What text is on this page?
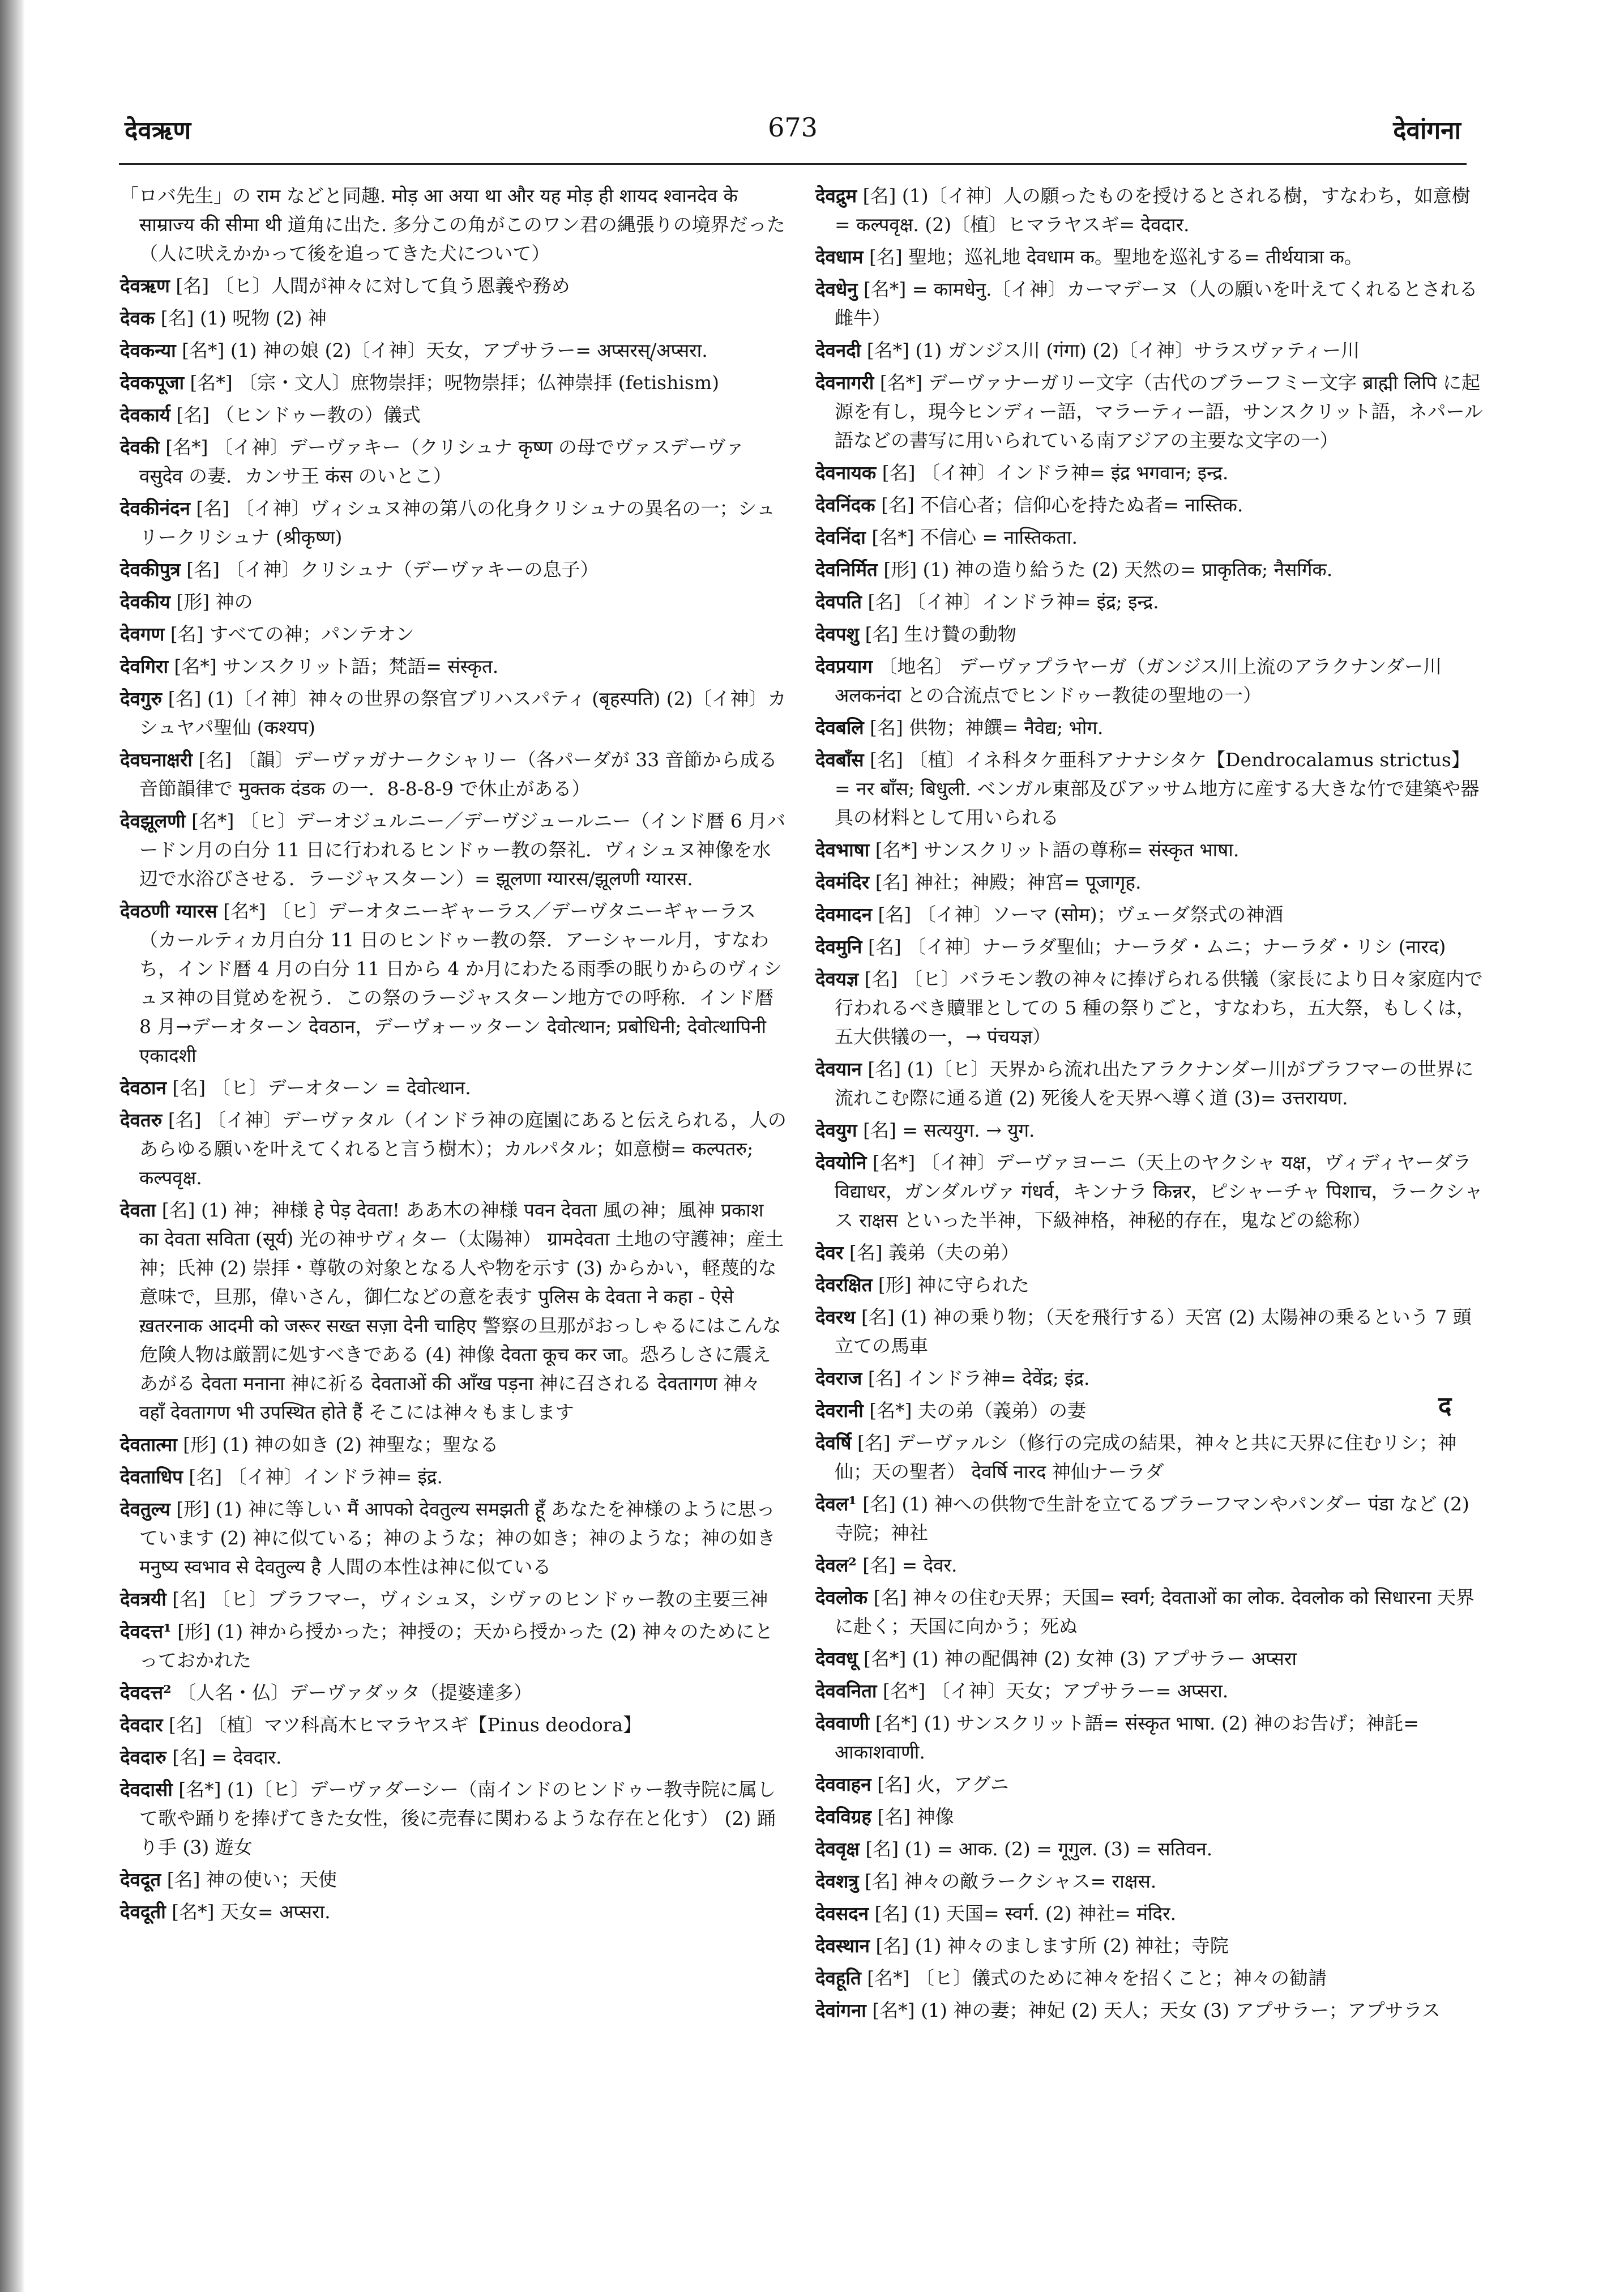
देवऋण	673	देवांगना

「ロバ先生」の राम などと同趣. मोड़ आ अया था और यह मोड़ ही शायद श्वानदेव के साम्राज्य की सीमा थी 道角に出た. 多分この角がこのワン君の縄張りの境界だった（人に吠えかかって後を追ってきた犬について）

देवऋण [名] 〔ヒ〕人間が神々に対して負う恩義や務め

देवक [名] (1) 呪物 (2) 神

देवकन्या [名*] (1) 神の娘 (2)〔イ神〕天女，アプサラー= अप्सरस्/अप्सरा.

देवकपूजा [名*] 〔宗・文人〕庶物崇拝；呪物崇拝；仏神崇拝 (fetishism)

देवकार्य [名] （ヒンドゥー教の）儀式

देवकी [名*] 〔イ神〕デーヴァキー（クリシュナ कृष्ण の母でヴァスデーヴァ वसुदेव の妻．カンサ王 कंस のいとこ）

देवकीनंदन [名] 〔イ神〕ヴィシュヌ神の第八の化身クリシュナの異名の一；シュリークリシュナ (श्रीकृष्ण)

देवकीपुत्र [名] 〔イ神〕クリシュナ（デーヴァキーの息子）

देवकीय [形] 神の

देवगण [名] すべての神；パンテオン

देवगिरा [名*] サンスクリット語；梵語= संस्कृत.

देवगुरु [名] (1)〔イ神〕神々の世界の祭官ブリハスパティ (बृहस्पति) (2)〔イ神〕カシュヤパ聖仙 (कश्यप)

देवघनाक्षरी [名] 〔韻〕デーヴァガナークシャリー（各パーダが 33 音節から成る音節韻律で मुक्तक दंडक の一．8-8-8-9 で休止がある）

देवझूलणी [名*] 〔ヒ〕デーオジュルニー／デーヴジュールニー（インド暦 6 月バードン月の白分 11 日に行われるヒンドゥー教の祭礼．ヴィシュヌ神像を水辺で水浴びさせる．ラージャスターン）= झूलणा ग्यारस/झूलणी ग्यारस.

देवठणी ग्यारस [名*] 〔ヒ〕デーオタニーギャーラス／デーヴタニーギャーラス（カールティカ月白分 11 日のヒンドゥー教の祭．アーシャール月，すなわち，インド暦 4 月の白分 11 日から 4 か月にわたる雨季の眠りからのヴィシュヌ神の目覚めを祝う．この祭のラージャスターン地方での呼称．インド暦 8 月→デーオターン देवठान，デーヴォーッターン देवोत्थान; प्रबोधिनी; देवोत्थापिनी एकादशी

देवठान [名] 〔ヒ〕デーオターン = देवोत्थान.

देवतरु [名] 〔イ神〕デーヴァタル（インドラ神の庭園にあると伝えられる，人のあらゆる願いを叶えてくれると言う樹木）；カルパタル；如意樹= कल्पतरु; कल्पवृक्ष.

देवता [名] (1) 神；神様 हे पेड़ देवता! ああ木の神様 पवन देवता 風の神；風神 प्रकाश का देवता सविता (सूर्य) 光の神サヴィター（太陽神） ग्रामदेवता 土地の守護神；産土神；氏神 (2) 崇拝・尊敬の対象となる人や物を示す (3) からかい，軽蔑的な意味で，旦那，偉いさん，御仁などの意を表す पुलिस के देवता ने कहा - ऐसे ख़तरनाक आदमी को जरूर सख्त सज़ा देनी चाहिए 警察の旦那がおっしゃるにはこんな危険人物は厳罰に処すべきである (4) 神像 देवता कूच कर जा。恐ろしさに震えあがる देवता मनाना 神に祈る देवताओं की आँख पड़ना 神に召される देवतागण 神々 वहाँ देवतागण भी उपस्थित होते हैं そこには神々もまします

देवतात्मा [形] (1) 神の如き (2) 神聖な；聖なる

देवताधिप [名] 〔イ神〕インドラ神= इंद्र.

देवतुल्य [形] (1) 神に等しい मैं आपको देवतुल्य समझती हूँ あなたを神様のように思っています (2) 神に似ている；神のような；神の如き；神のような；神の如き मनुष्य स्वभाव से देवतुल्य है 人間の本性は神に似ている

देवत्रयी [名] 〔ヒ〕ブラフマー，ヴィシュヌ，シヴァのヒンドゥー教の主要三神

देवदत्त¹ [形] (1) 神から授かった；神授の；天から授かった (2) 神々のためにとっておかれた

देवदत्त² 〔人名・仏〕デーヴァダッタ（提婆達多）

देवदार [名] 〔植〕マツ科高木ヒマラヤスギ【Pinus deodora】

देवदारु [名] = देवदार.

देवदासी [名*] (1)〔ヒ〕デーヴァダーシー（南インドのヒンドゥー教寺院に属して歌や踊りを捧げてきた女性，後に売春に関わるような存在と化す） (2) 踊り手 (3) 遊女

देवदूत [名] 神の使い；天使

देवदूती [名*] 天女= अप्सरा.

देवद्रुम [名] (1)〔イ神〕人の願ったものを授けるとされる樹，すなわち，如意樹= कल्पवृक्ष. (2)〔植〕ヒマラヤスギ= देवदार.

देवधाम [名] 聖地；巡礼地 देवधाम क。聖地を巡礼する= तीर्थयात्रा क。

देवधेनु [名*] = कामधेनु.〔イ神〕カーマデーヌ（人の願いを叶えてくれるとされる雌牛）

देवनदी [名*] (1) ガンジス川 (गंगा) (2)〔イ神〕サラスヴァティー川

देवनागरी [名*] デーヴァナーガリー文字（古代のブラーフミー文字 ब्राह्मी लिपि に起源を有し，現今ヒンディー語，マラーティー語，サンスクリット語，ネパール語などの書写に用いられている南アジアの主要な文字の一）

देवनायक [名] 〔イ神〕インドラ神= इंद्र भगवान; इन्द्र.

देवनिंदक [名] 不信心者；信仰心を持たぬ者= नास्तिक.

देवनिंदा [名*] 不信心 = नास्तिकता.

देवनिर्मित [形] (1) 神の造り給うた (2) 天然の= प्राकृतिक; नैसर्गिक.

देवपति [名] 〔イ神〕インドラ神= इंद्र; इन्द्र.

देवपशु [名] 生け贄の動物

देवप्रयाग 〔地名〕 デーヴァプラヤーガ（ガンジス川上流のアラクナンダー川 अलकनंदा との合流点でヒンドゥー教徒の聖地の一）

देवबलि [名] 供物；神饌= नैवेद्य; भोग.

देवबाँस [名] 〔植〕イネ科タケ亜科アナナシタケ【Dendrocalamus strictus】= नर बाँस; बिधुली. ベンガル東部及びアッサム地方に産する大きな竹で建築や器具の材料として用いられる

देवभाषा [名*] サンスクリット語の尊称= संस्कृत भाषा.

देवमंदिर [名] 神社；神殿；神宮= पूजागृह.

देवमादन [名] 〔イ神〕ソーマ (सोम)；ヴェーダ祭式の神酒

देवमुनि [名] 〔イ神〕ナーラダ聖仙；ナーラダ・ムニ；ナーラダ・リシ (नारद)

देवयज्ञ [名] 〔ヒ〕バラモン教の神々に捧げられる供犠（家長により日々家庭内で行われるべき贖罪としての 5 種の祭りごと，すなわち，五大祭，もしくは，五大供犠の一，→ पंचयज्ञ）

देवयान [名] (1)〔ヒ〕天界から流れ出たアラクナンダー川がブラフマーの世界に流れこむ際に通る道 (2) 死後人を天界へ導く道 (3)= उत्तरायण.

देवयुग [名] = सत्ययुग. → युग.

देवयोनि [名*] 〔イ神〕デーヴァヨーニ（天上のヤクシャ यक्ष，ヴィディヤーダラ विद्याधर，ガンダルヴァ गंधर्व，キンナラ किन्नर，ピシャーチャ पिशाच，ラークシャス राक्षस といった半神，下級神格，神秘的存在，鬼などの総称）

देवर [名] 義弟（夫の弟）

देवरक्षित [形] 神に守られた

देवरथ [名] (1) 神の乗り物；（天を飛行する）天宮 (2) 太陽神の乗るという 7 頭立ての馬車

देवराज [名] インドラ神= देवेंद्र; इंद्र.

देवरानी [名*] 夫の弟（義弟）の妻

देवर्षि [名] デーヴァルシ（修行の完成の結果，神々と共に天界に住むリシ；神仙；天の聖者） देवर्षि नारद 神仙ナーラダ

देवल¹ [名] (1) 神への供物で生計を立てるブラーフマンやパンダー पंडा など (2) 寺院；神社

देवल² [名] = देवर.

देवलोक [名] 神々の住む天界；天国= स्वर्ग; देवताओं का लोक. देवलोक को सिधारना 天界に赴く；天国に向かう；死ぬ

देववधू [名*] (1) 神の配偶神 (2) 女神 (3) アプサラー अप्सरा

देववनिता [名*] 〔イ神〕天女；アプサラー= अप्सरा.

देववाणी [名*] (1) サンスクリット語= संस्कृत भाषा. (2) 神のお告げ；神託= आकाशवाणी.

देववाहन [名] 火，アグニ

देवविग्रह [名] 神像

देववृक्ष [名] (1) = आक. (2) = गूगुल. (3) = सतिवन.

देवशत्रु [名] 神々の敵ラークシャス= राक्षस.

देवसदन [名] (1) 天国= स्वर्ग. (2) 神社= मंदिर.

देवस्थान [名] (1) 神々のまします所 (2) 神社；寺院

देवहूति [名*] 〔ヒ〕儀式のために神々を招くこと；神々の勧請

देवांगना [名*] (1) 神の妻；神妃 (2) 天人；天女 (3) アプサラー；アプサラス

द
